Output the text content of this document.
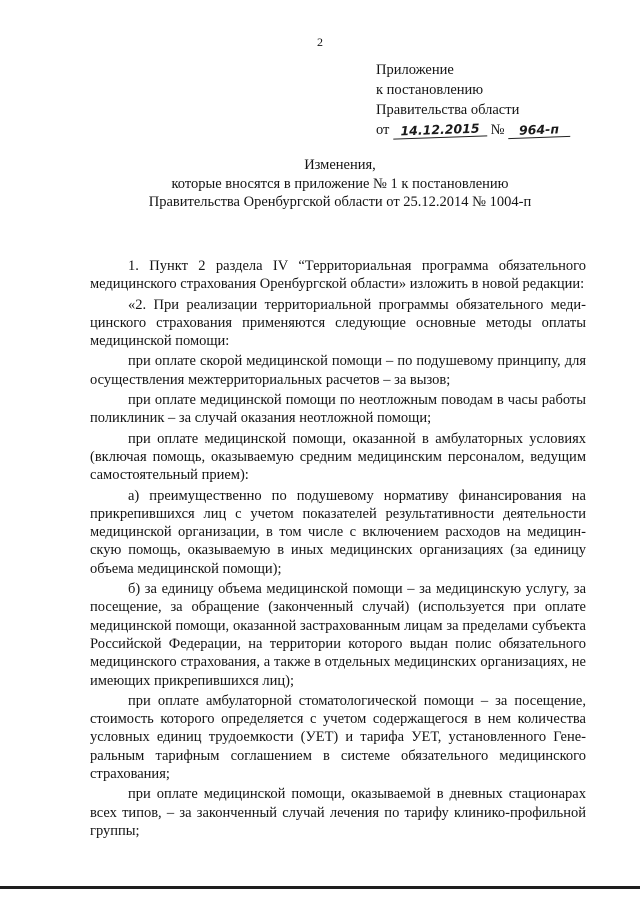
2
Приложение
к постановлению
Правительства области
от 14.12.2015 № 964-п
Изменения,
которые вносятся в приложение № 1 к постановлению
Правительства Оренбургской области от 25.12.2014 № 1004-п

1. Пункт 2 раздела IV “Территориальная программа обязательного медицинского страхования Оренбургской области» изложить в новой редакции:

«2. При реализации территориальной программы обязательного медицинского страхования применяются следующие основные методы оплаты медицинской помощи:

при оплате скорой медицинской помощи – по подушевому принципу, для осуществления межтерриториальных расчетов – за вызов;

при оплате медицинской помощи по неотложным поводам в часы работы поликлиник – за случай оказания неотложной помощи;

при оплате медицинской помощи, оказанной в амбулаторных условиях (включая помощь, оказываемую средним медицинским персоналом, ведущим самостоятельный прием):

а) преимущественно по подушевому нормативу финансирования на прикрепившихся лиц с учетом показателей результативности деятельности медицинской организации, в том числе с включением расходов на медицинскую помощь, оказываемую в иных медицинских организациях (за единицу объема медицинской помощи);

б) за единицу объема медицинской помощи – за медицинскую услугу, за посещение, за обращение (законченный случай) (используется при оплате медицинской помощи, оказанной застрахованным лицам за пределами субъекта Российской Федерации, на территории которого выдан полис обязательного медицинского страхования, а также в отдельных медицинских организациях, не имеющих прикрепившихся лиц);

при оплате амбулаторной стоматологической помощи – за посещение, стоимость которого определяется с учетом содержащегося в нем количества условных единиц трудоемкости (УЕТ) и тарифа УЕТ, установленного Генеральным тарифным соглашением в системе обязательного медицинского страхования;

при оплате медицинской помощи, оказываемой в дневных стационарах всех типов, – за законченный случай лечения по тарифу клинико-профильной группы;
